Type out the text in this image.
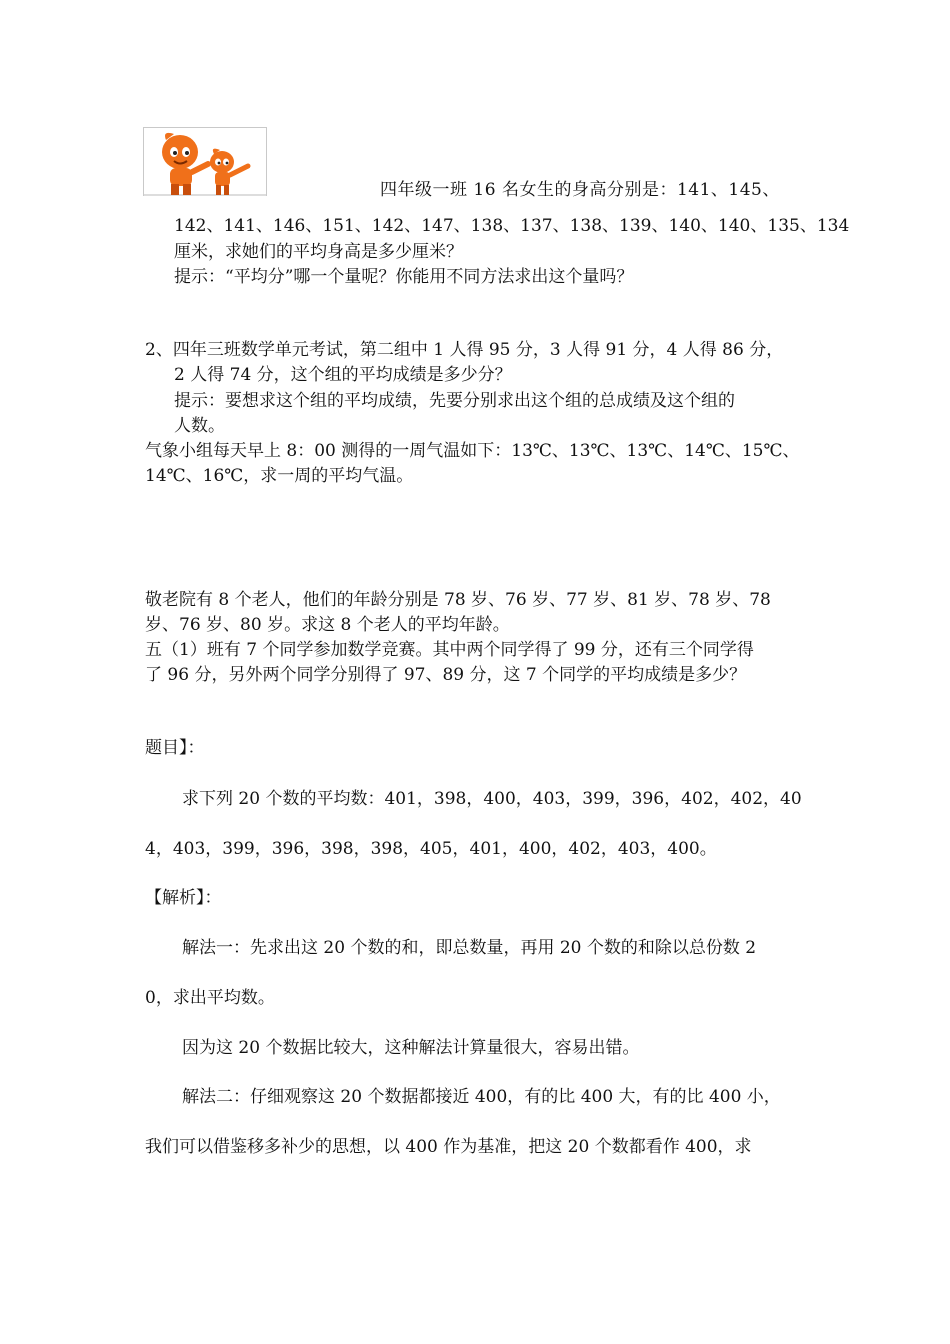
四年级一班 16 名女生的身高分别是：141、145、
142、141、146、151、142、147、138、137、138、139、140、140、135、134
厘米，求她们的平均身高是多少厘米？
提示：“平均分”哪一个量呢？你能用不同方法求出这个量吗？
2、四年三班数学单元考试，第二组中 1 人得 95 分，3 人得 91 分，4 人得 86 分，
2 人得 74 分，这个组的平均成绩是多少分？
提示：要想求这个组的平均成绩，先要分别求出这个组的总成绩及这个组的
人数。
气象小组每天早上 8：00 测得的一周气温如下：13℃、13℃、13℃、14℃、15℃、
14℃、16℃，求一周的平均气温。
敬老院有 8 个老人，他们的年龄分别是 78 岁、76 岁、77 岁、81 岁、78 岁、78
岁、76 岁、80 岁。求这 8 个老人的平均年龄。
五（1）班有 7 个同学参加数学竞赛。其中两个同学得了 99 分，还有三个同学得
了 96 分，另外两个同学分别得了 97、89 分，这 7 个同学的平均成绩是多少？
题目】：
求下列 20 个数的平均数：401，398，400，403，399，396，402，402，40
4，403，399，396，398，398，405，401，400，402，403，400。
【解析】：
解法一：先求出这 20 个数的和，即总数量，再用 20 个数的和除以总份数 2
0，求出平均数。
因为这 20 个数据比较大，这种解法计算量很大，容易出错。
解法二：仔细观察这 20 个数据都接近 400，有的比 400 大，有的比 400 小，
我们可以借鉴移多补少的思想，以 400 作为基准，把这 20 个数都看作 400，求
